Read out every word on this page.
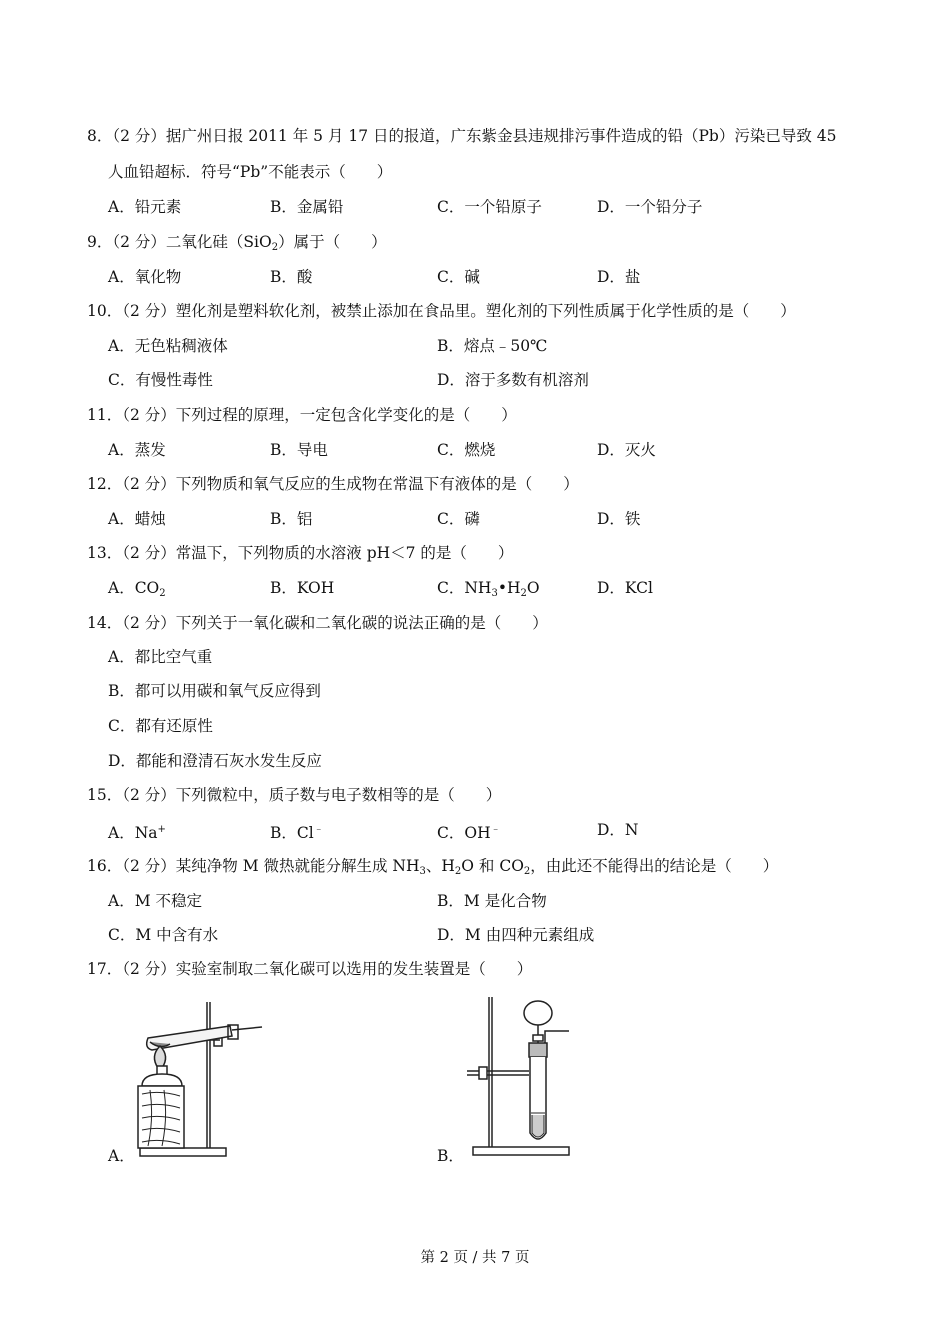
8．（2 分）据广州日报 2011 年 5 月 17 日的报道，广东紫金县违规排污事件造成的铅（Pb）污染已导致 45
人血铅超标．符号“Pb”不能表示（　　）
A．铅元素	B．金属铅	C．一个铅原子	D．一个铅分子
9．（2 分）二氧化硅（SiO$_2$）属于（　　）
A．氧化物	B．酸	C．碱	D．盐
10．（2 分）塑化剂是塑料软化剂，被禁止添加在食品里。塑化剂的下列性质属于化学性质的是（　　）
A．无色粘稠液体	B．熔点﹣50℃
C．有慢性毒性	D．溶于多数有机溶剂
11．（2 分）下列过程的原理，一定包含化学变化的是（　　）
A．蒸发	B．导电	C．燃烧	D．灭火
12．（2 分）下列物质和氧气反应的生成物在常温下有液体的是（　　）
A．蜡烛	B．铝	C．磷	D．铁
13．（2 分）常温下，下列物质的水溶液 pH＜7 的是（　　）
A．$CO_2$	B．KOH	C．$NH_3•H_2O$	D．KCl
14．（2 分）下列关于一氧化碳和二氧化碳的说法正确的是（　　）
A．都比空气重
B．都可以用碳和氧气反应得到
C．都有还原性
D．都能和澄清石灰水发生反应
15．（2 分）下列微粒中，质子数与电子数相等的是（　　）
A．Na+	B．Cl﹣	C．OH﹣	D．N
16．（2 分）某纯净物 M 微热就能分解生成 $NH_3$、$H_2O$ 和 $CO_2$，由此还不能得出的结论是（　　）
A．M 不稳定	B．M 是化合物
C．M 中含有水	D．M 由四种元素组成
17．（2 分）实验室制取二氧化碳可以选用的发生装置是（　　）
A．	B．
第 2 页 / 共 7 页
